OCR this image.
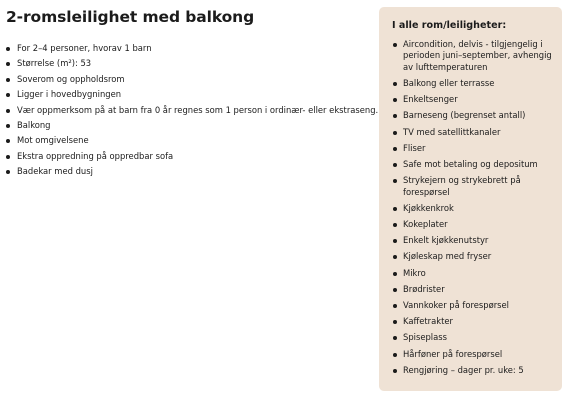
2-romsleilighet med balkong
For 2–4 personer, hvorav 1 barn
Størrelse (m²): 53
Soverom og oppholdsrom
Ligger i hovedbygningen
Vær oppmerksom på at barn fra 0 år regnes som 1 person i ordinær- eller ekstraseng.
Balkong
Mot omgivelsene
Ekstra oppredning på oppredbar sofa
Badekar med dusj
I alle rom/leiligheter:
Aircondition, delvis - tilgjengelig i perioden juni–september, avhengig av lufttemperaturen
Balkong eller terrasse
Enkeltsenger
Barneseng (begrenset antall)
TV med satellittkanaler
Fliser
Safe mot betaling og depositum
Strykejern og strykebrett på forespørsel
Kjøkkenkrok
Kokeplater
Enkelt kjøkkenutstyr
Kjøleskap med fryser
Mikro
Brødrister
Vannkoker på forespørsel
Kaffetrakter
Spiseplass
Hårføner på forespørsel
Rengjøring – dager pr. uke: 5
